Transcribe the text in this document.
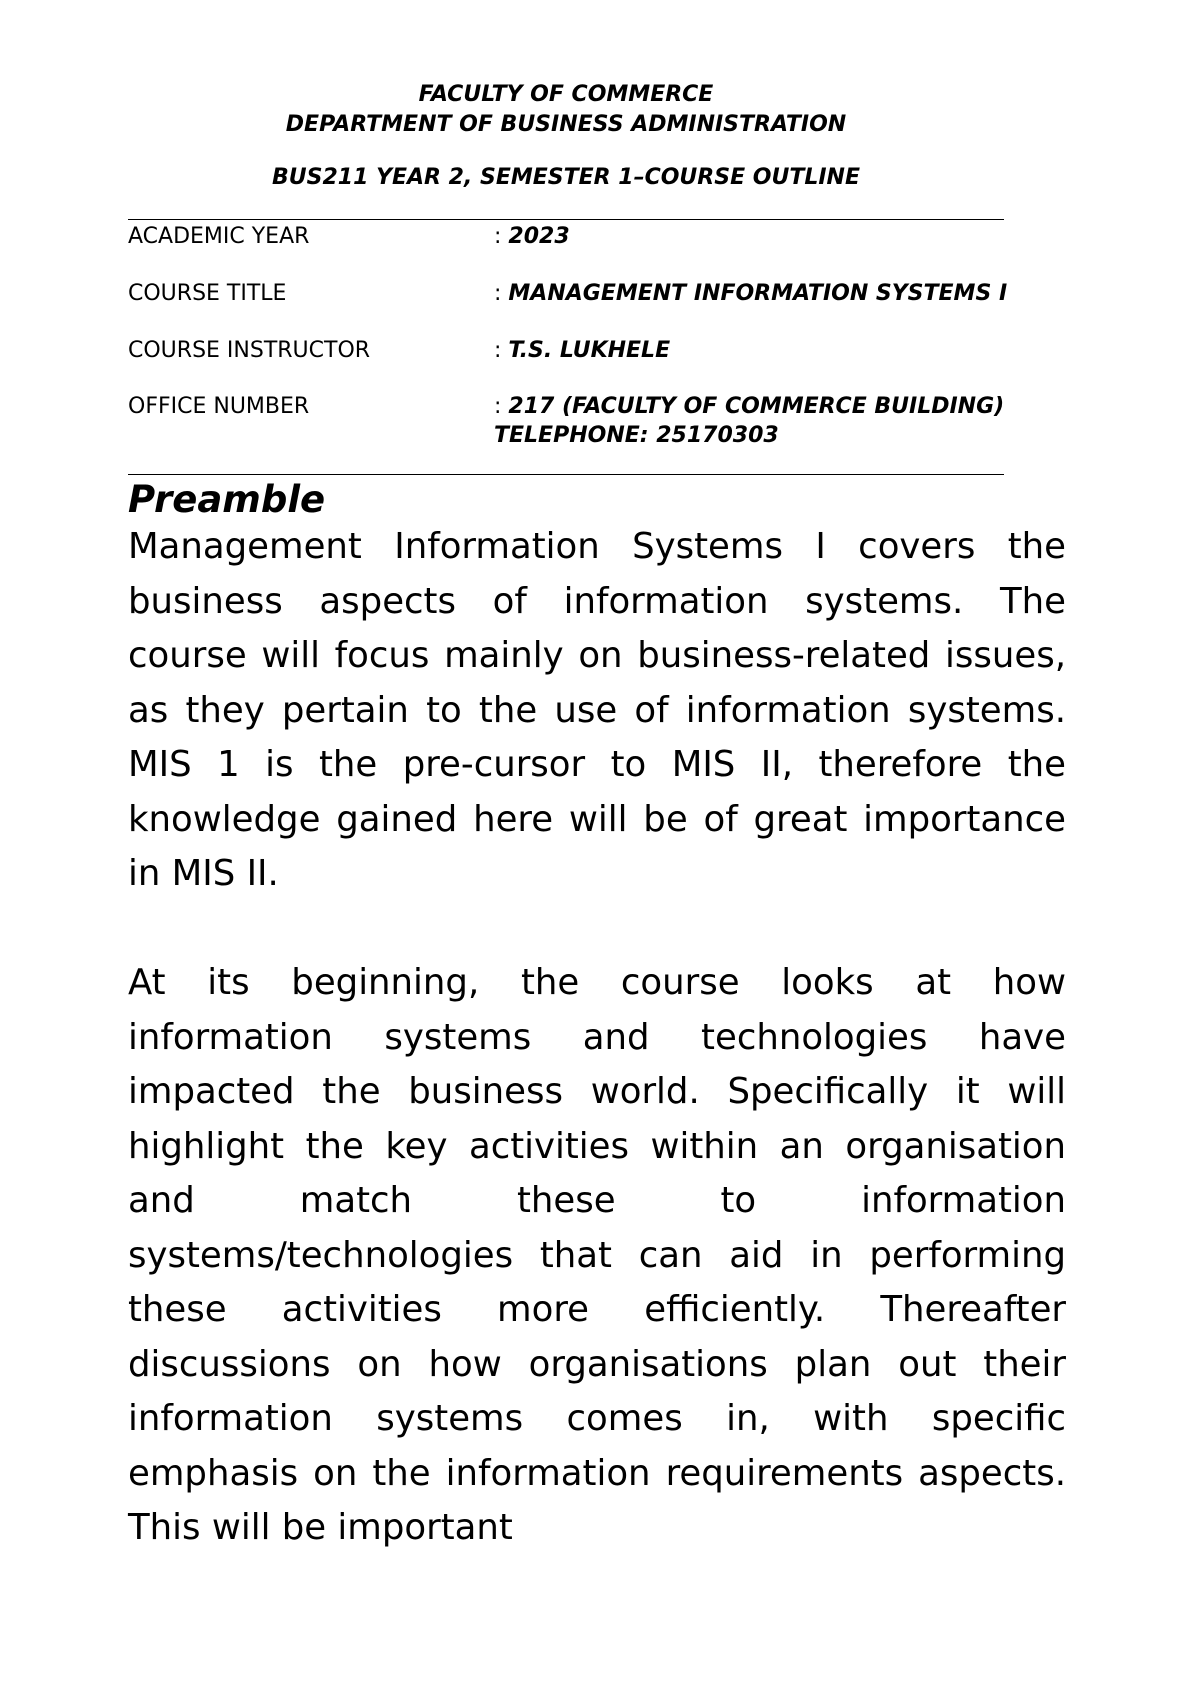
FACULTY OF COMMERCE
DEPARTMENT OF BUSINESS ADMINISTRATION
BUS211 YEAR 2, SEMESTER 1–COURSE OUTLINE
ACADEMIC YEAR	: 2023
COURSE TITLE	: MANAGEMENT INFORMATION SYSTEMS I
COURSE INSTRUCTOR	: T.S. LUKHELE
OFFICE NUMBER	: 217 (FACULTY OF COMMERCE BUILDING)
TELEPHONE: 25170303
Preamble
Management Information Systems I covers the business aspects of information systems. The course will focus mainly on business-related issues, as they pertain to the use of information systems. MIS 1 is the pre-cursor to MIS II, therefore the knowledge gained here will be of great importance in MIS II.
At its beginning, the course looks at how information systems and technologies have impacted the business world. Specifically it will highlight the key activities within an organisation and match these to information systems/technologies that can aid in performing these activities more efficiently. Thereafter discussions on how organisations plan out their information systems comes in, with specific emphasis on the information requirements aspects. This will be important
